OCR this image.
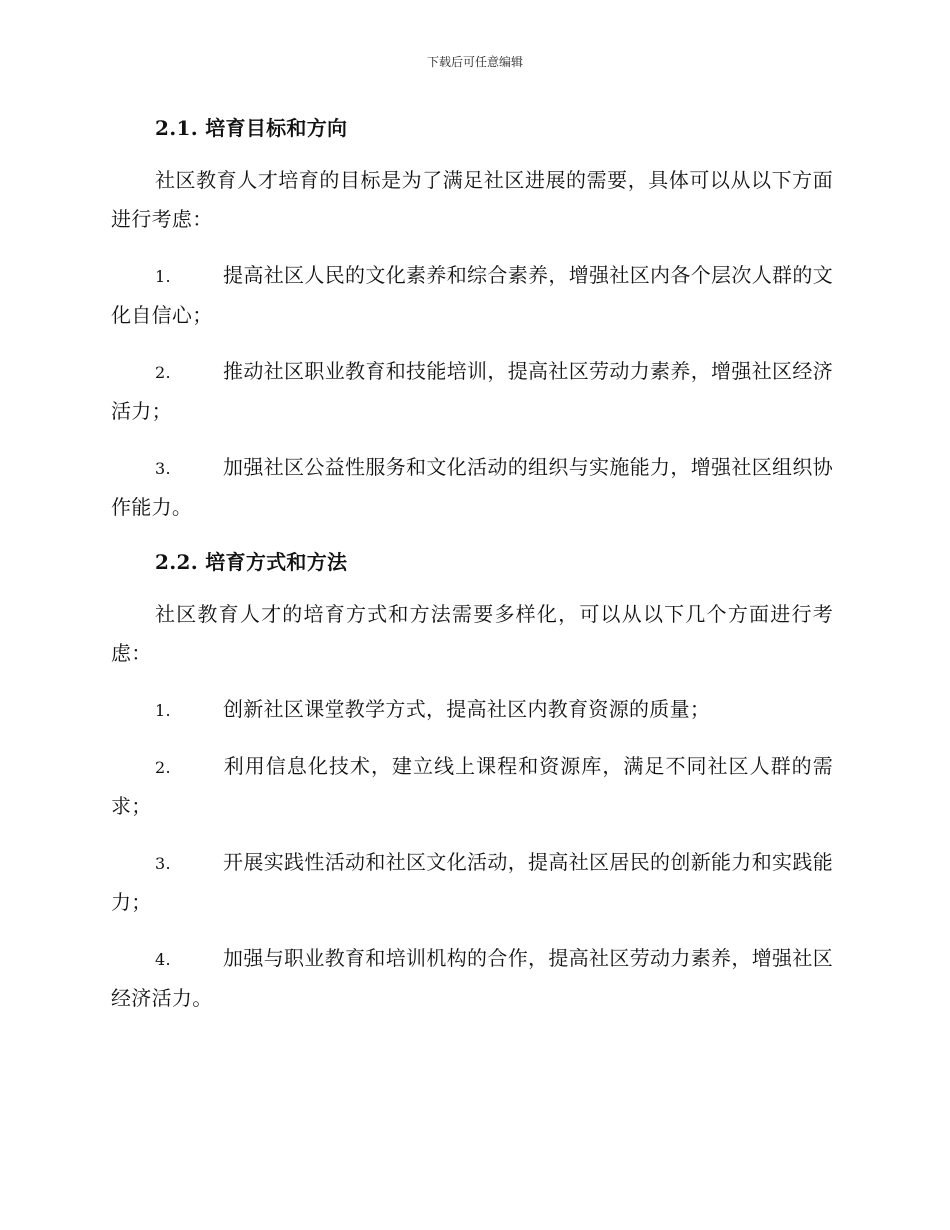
下载后可任意编辑
2.1. 培育目标和方向

社区教育人才培育的目标是为了满足社区进展的需要，具体可以从以下方面进行考虑：

1.	提高社区人民的文化素养和综合素养，增强社区内各个层次人群的文化自信心；

2.	推动社区职业教育和技能培训，提高社区劳动力素养，增强社区经济活力；

3.	加强社区公益性服务和文化活动的组织与实施能力，增强社区组织协作能力。

2.2. 培育方式和方法

社区教育人才的培育方式和方法需要多样化，可以从以下几个方面进行考虑：

1.	创新社区课堂教学方式，提高社区内教育资源的质量；

2.	利用信息化技术，建立线上课程和资源库，满足不同社区人群的需求；

3.	开展实践性活动和社区文化活动，提高社区居民的创新能力和实践能力；

4.	加强与职业教育和培训机构的合作，提高社区劳动力素养，增强社区经济活力。
